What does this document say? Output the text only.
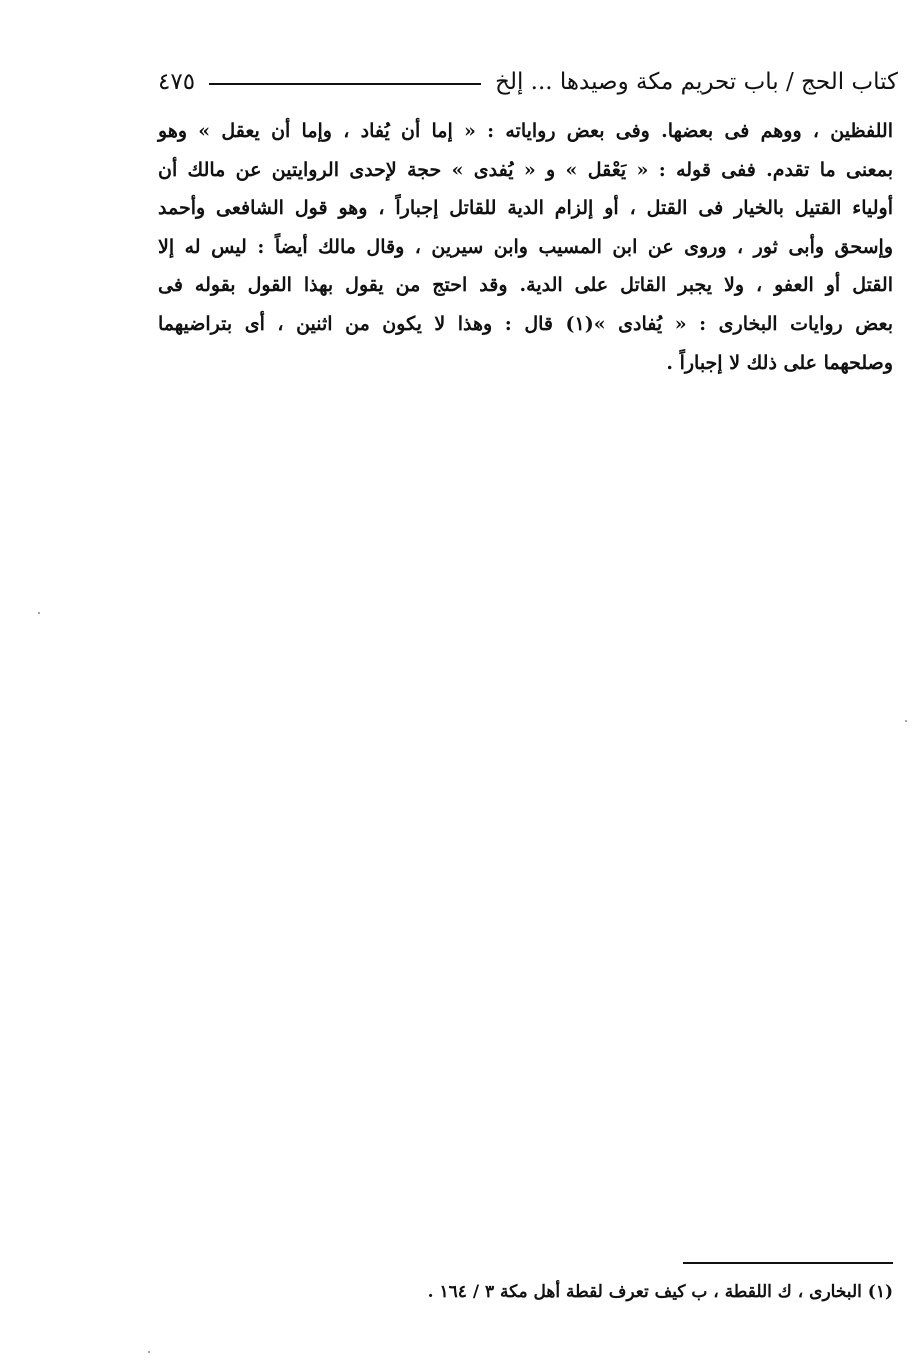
كتاب الحج / باب تحريم مكة وصيدها ... إلخ
٤٧٥
اللفظين ، ووهم فى بعضها. وفى بعض رواياته : « إما أن يُفاد ، وإما أن يعقل » وهو
بمعنى ما تقدم. ففى قوله : « يَعْقل » و « يُفدى » حجة لإحدى الروايتين عن مالك أن
أولياء القتيل بالخيار فى القتل ، أو إلزام الدية للقاتل إجباراً ، وهو قول الشافعى وأحمد
وإسحق وأبى ثور ، وروى عن ابن المسيب وابن سيرين ، وقال مالك أيضاً : ليس له إلا
القتل أو العفو ، ولا يجبر القاتل على الدية. وقد احتج من يقول بهذا القول بقوله فى
بعض روايات البخارى : « يُفادى »(١) قال : وهذا لا يكون من اثنين ، أى بتراضيهما
وصلحهما على ذلك لا إجباراً .
(١) البخارى ، ك اللقطة ، ب كيف تعرف لقطة أهل مكة ٣ / ١٦٤ .
